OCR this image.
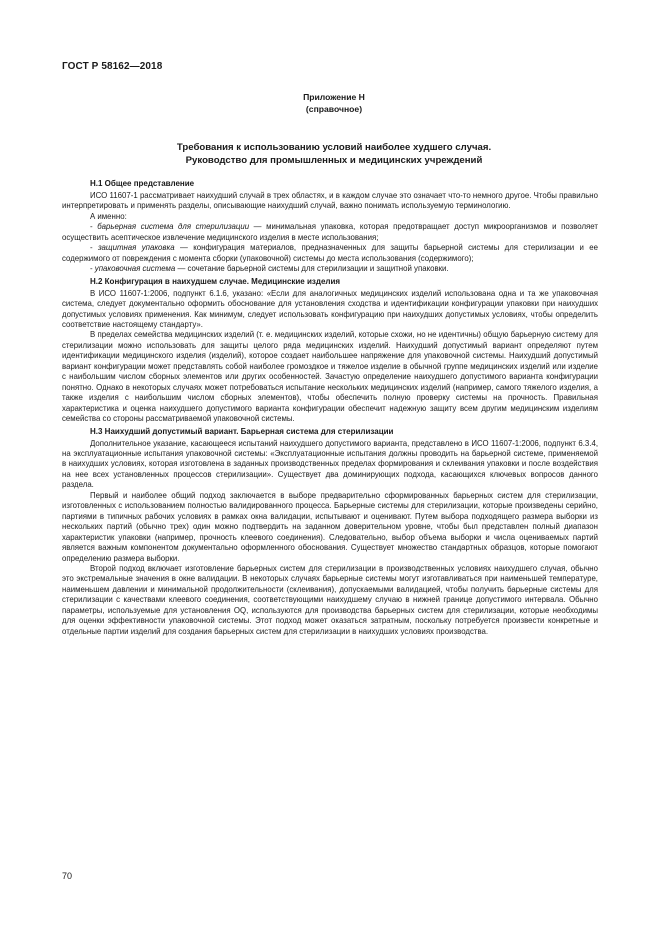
ГОСТ Р 58162—2018
Приложение Н
(справочное)
Требования к использованию условий наиболее худшего случая.
Руководство для промышленных и медицинских учреждений
Н.1 Общее представление

ИСО 11607-1 рассматривает наихудший случай в трех областях, и в каждом случае это означает что-то немного другое. Чтобы правильно интерпретировать и применять разделы, описывающие наихудший случай, важно понимать используемую терминологию.

А именно:

- барьерная система для стерилизации — минимальная упаковка, которая предотвращает доступ микроорганизмов и позволяет осуществить асептическое извлечение медицинского изделия в месте использования;

- защитная упаковка — конфигурация материалов, предназначенных для защиты барьерной системы для стерилизации и ее содержимого от повреждения с момента сборки (упаковочной) системы до места использования (содержимого);

- упаковочная система — сочетание барьерной системы для стерилизации и защитной упаковки.

Н.2 Конфигурация в наихудшем случае. Медицинские изделия

В ИСО 11607-1:2006, подпункт 6.1.6, указано: «Если для аналогичных медицинских изделий использована одна и та же упаковочная система, следует документально оформить обоснование для установления сходства и идентификации конфигурации упаковки при наихудших допустимых условиях применения. Как минимум, следует использовать конфигурацию при наихудших допустимых условиях, чтобы определить соответствие настоящему стандарту».

В пределах семейства медицинских изделий (т. е. медицинских изделий, которые схожи, но не идентичны) общую барьерную систему для стерилизации можно использовать для защиты целого ряда медицинских изделий. Наихудший допустимый вариант определяют путем идентификации медицинского изделия (изделий), которое создает наибольшее напряжение для упаковочной системы. Наихудший допустимый вариант конфигурации может представлять собой наиболее громоздкое и тяжелое изделие в обычной группе медицинских изделий или изделие с наибольшим числом сборных элементов или других особенностей. Зачастую определение наихудшего допустимого варианта конфигурации понятно. Однако в некоторых случаях может потребоваться испытание нескольких медицинских изделий (например, самого тяжелого изделия, а также изделия с наибольшим числом сборных элементов), чтобы обеспечить полную проверку системы на прочность. Правильная характеристика и оценка наихудшего допустимого варианта конфигурации обеспечит надежную защиту всем другим медицинским изделиям семейства со стороны рассматриваемой упаковочной системы.

Н.3 Наихудший допустимый вариант. Барьерная система для стерилизации

Дополнительное указание, касающееся испытаний наихудшего допустимого варианта, представлено в ИСО 11607-1:2006, подпункт 6.3.4, на эксплуатационные испытания упаковочной системы: «Эксплуатационные испытания должны проводить на барьерной системе, применяемой в наихудших условиях, которая изготовлена в заданных производственных пределах формирования и склеивания упаковки и после воздействия на нее всех установленных процессов стерилизации». Существует два доминирующих подхода, касающихся ключевых вопросов данного раздела.

Первый и наиболее общий подход заключается в выборе предварительно сформированных барьерных систем для стерилизации, изготовленных с использованием полностью валидированного процесса. Барьерные системы для стерилизации, которые произведены серийно, партиями в типичных рабочих условиях в рамках окна валидации, испытывают и оценивают. Путем выбора подходящего размера выборки из нескольких партий (обычно трех) один можно подтвердить на заданном доверительном уровне, чтобы был представлен полный диапазон характеристик упаковки (например, прочность клеевого соединения). Следовательно, выбор объема выборки и числа оцениваемых партий является важным компонентом документально оформленного обоснования. Существует множество стандартных образцов, которые помогают определению размера выборки.

Второй подход включает изготовление барьерных систем для стерилизации в производственных условиях наихудшего случая, обычно это экстремальные значения в окне валидации. В некоторых случаях барьерные системы могут изготавливаться при наименьшей температуре, наименьшем давлении и минимальной продолжительности (склеивания), допускаемыми валидацией, чтобы получить барьерные системы для стерилизации с качествами клеевого соединения, соответствующими наихудшему случаю в нижней границе допустимого интервала. Обычно параметры, используемые для установления OQ, используются для производства барьерных систем для стерилизации, которые необходимы для оценки эффективности упаковочной системы. Этот подход может оказаться затратным, поскольку потребуется произвести конкретные и отдельные партии изделий для создания барьерных систем для стерилизации в наихудших условиях производства.

70
